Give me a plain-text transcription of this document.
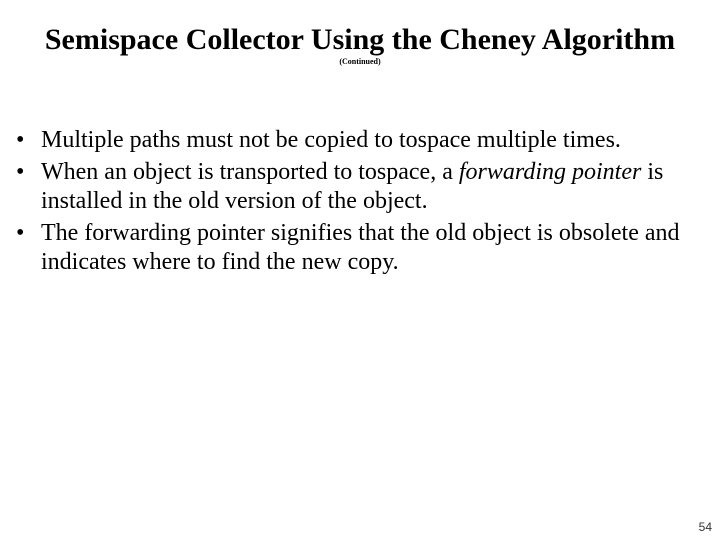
Semispace Collector Using the Cheney Algorithm
(Continued)
• Multiple paths must not be copied to tospace multiple times.
• When an object is transported to tospace, a forwarding pointer is installed in the old version of the object.
• The forwarding pointer signifies that the old object is obsolete and indicates where to find the new copy.
54
